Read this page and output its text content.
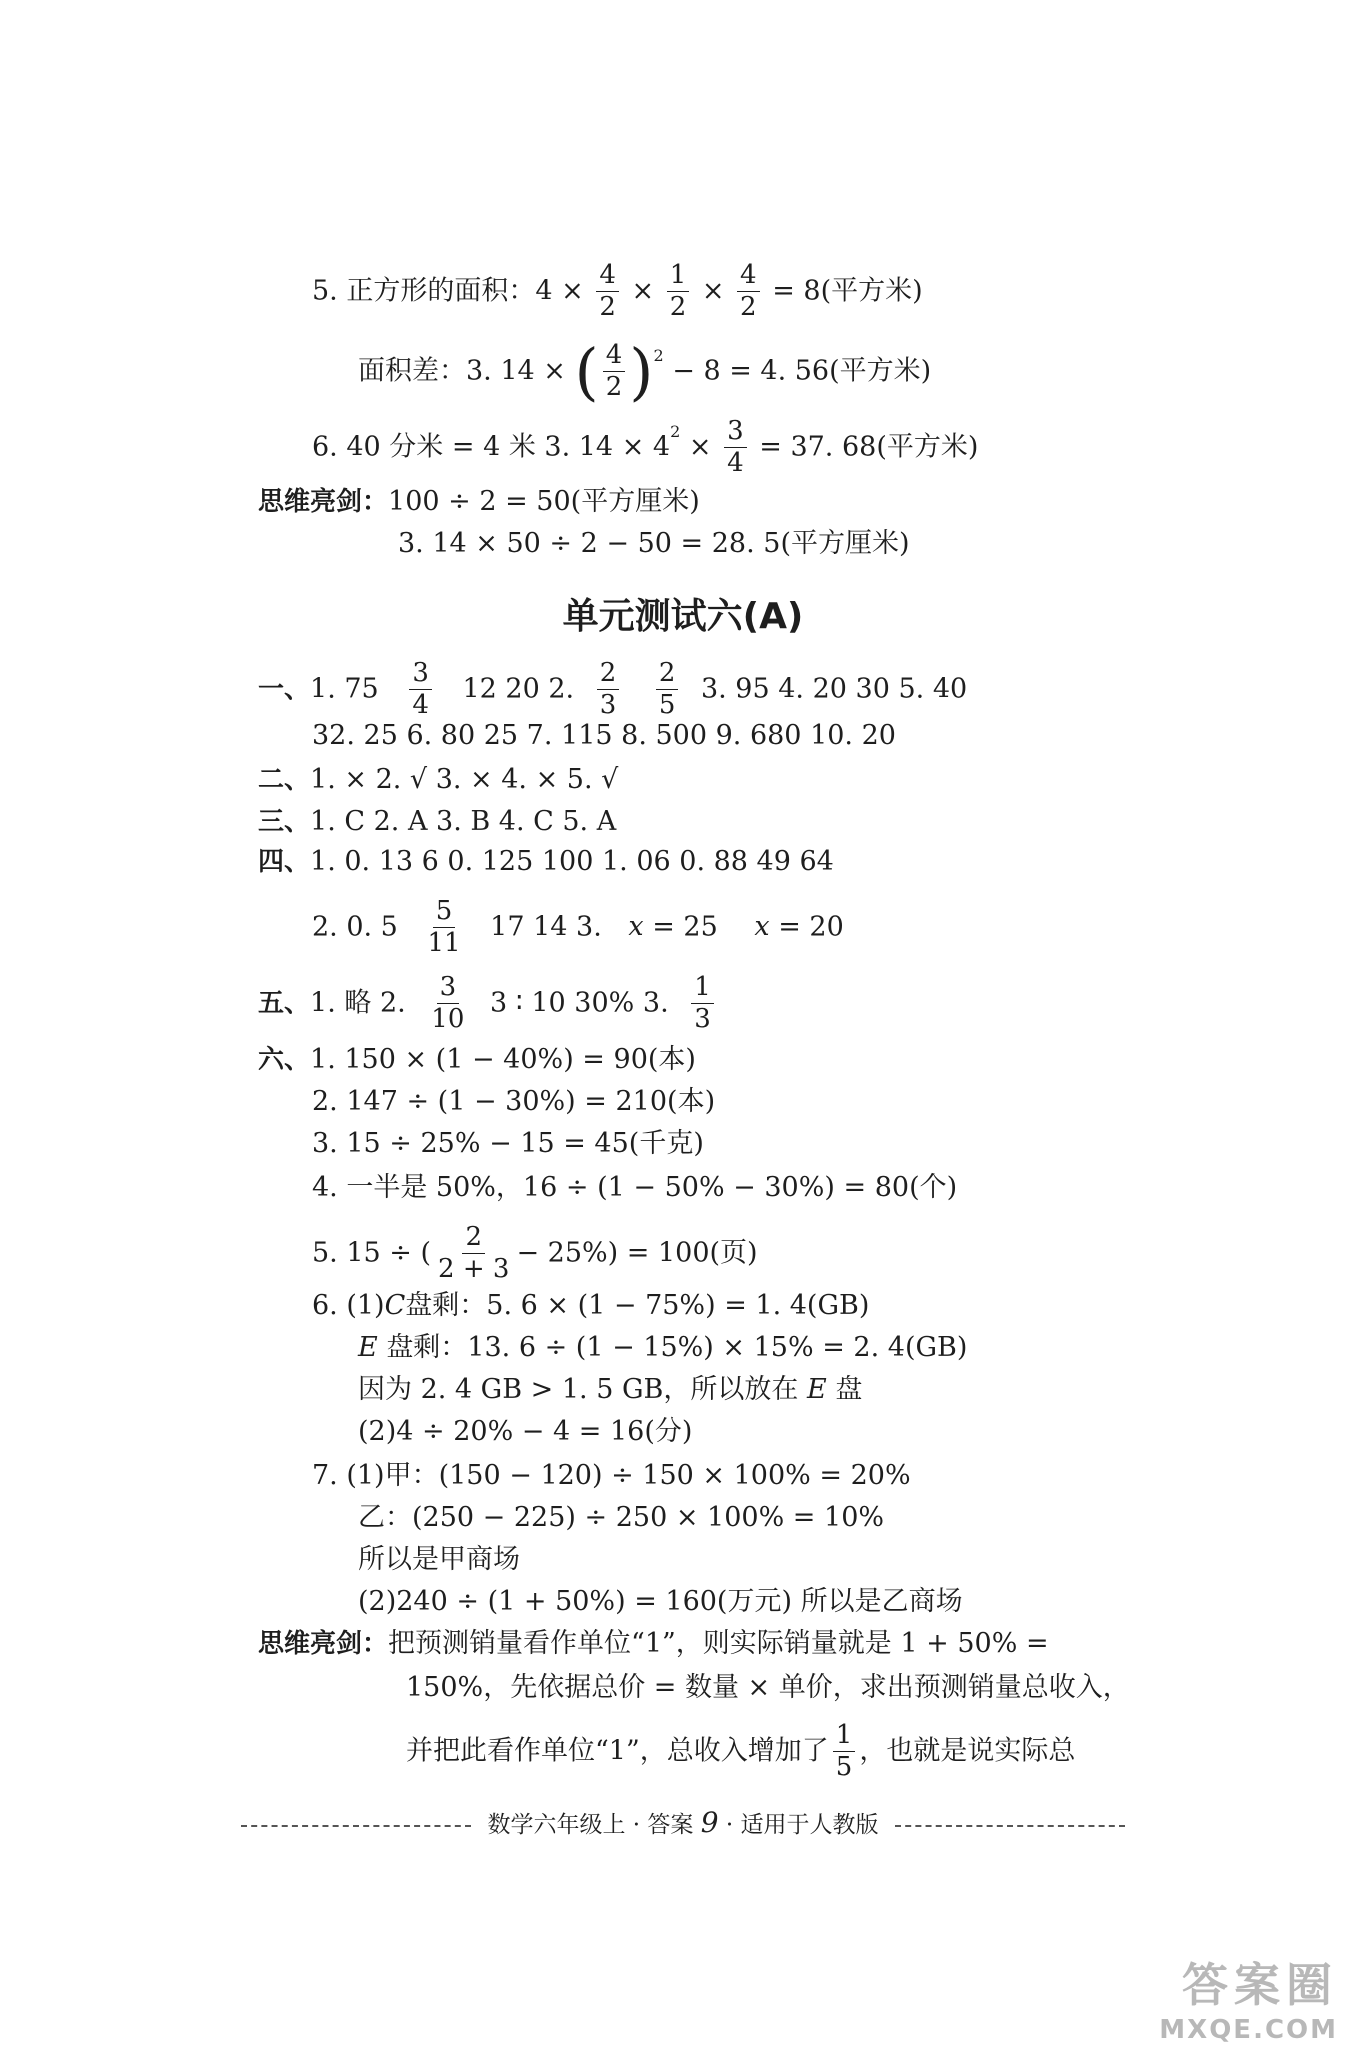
5. 正方形的面积：$4 \times \frac{4}{2} \times \frac{1}{2} \times \frac{4}{2} = 8$(平方米)
面积差：3. 14 × ( $\frac{4}{2} )^2 - 8 = 4$. 56(平方米)
6. 40 分米 = 4 米 3. $14 \times 4^2 \times \frac{3}{4} = 37$. 68(平方米)
思维亮剑：100 ÷ 2 = 50(平方厘米)
3. 14 × 50 ÷ 2 − 50 = 28. 5(平方厘米)
单元测试六(A)
一、1. $75 \frac{3}{4} 12$ 20 2. $\frac{2}{3}$
$\frac{2}{5} 3$. 95 4. 20 30 5. 40
32. 25 6. 80 25 7. 115 8. 500 9. 680 10. 20
二、1. × 2. √ 3. × 4. × 5. √
三、1. C 2. A 3. B 4. C 5. A
四、1. 0. 13 6 0. 125 100 1. 06 0. 88 49 64
2. 0. $5 \frac{5}{11} 17$ 14 3. x = 25 x = 20
五、1. 略 2. $\frac{3}{10} 3$ ∶ 10 30% 3. $\frac{1}{3}$
六、1. 150 × (1 − 40%) = 90(本)
2. 147 ÷ (1 − 30%) = 210(本)
3. 15 ÷ 25% − 15 = 45(千克)
4. 一半是 50%，16 ÷ (1 − 50% − 30%) = 80(个)
5. 15 ÷ ( $\frac{2}{2 + 3} - 25\%) = 100$(页)
6. (1)C盘剩：5. 6 × (1 − 75%) = 1. 4(GB)
E 盘剩：13. 6 ÷ (1 − 15%) × 15% = 2. 4(GB)
因为 2. 4 GB > 1. 5 GB，所以放在 E 盘
(2)4 ÷ 20% − 4 = 16(分)
7. (1)甲：(150 − 120) ÷ 150 × 100% = 20%
乙：(250 − 225) ÷ 250 × 100% = 10%
所以是甲商场
(2)240 ÷ (1 + 50%) = 160(万元) 所以是乙商场
思维亮剑：把预测销量看作单位“1”，则实际销量就是 1 + 50% =
150%，先依据总价 = 数量 × 单价，求出预测销量总收入，
并把此看作单位“1”，总收入增加了 $\frac{1}{5}$ ，也就是说实际总
数学六年级上 · 答案 9 · 适用于人教版
答案圈
MXQE.COM
